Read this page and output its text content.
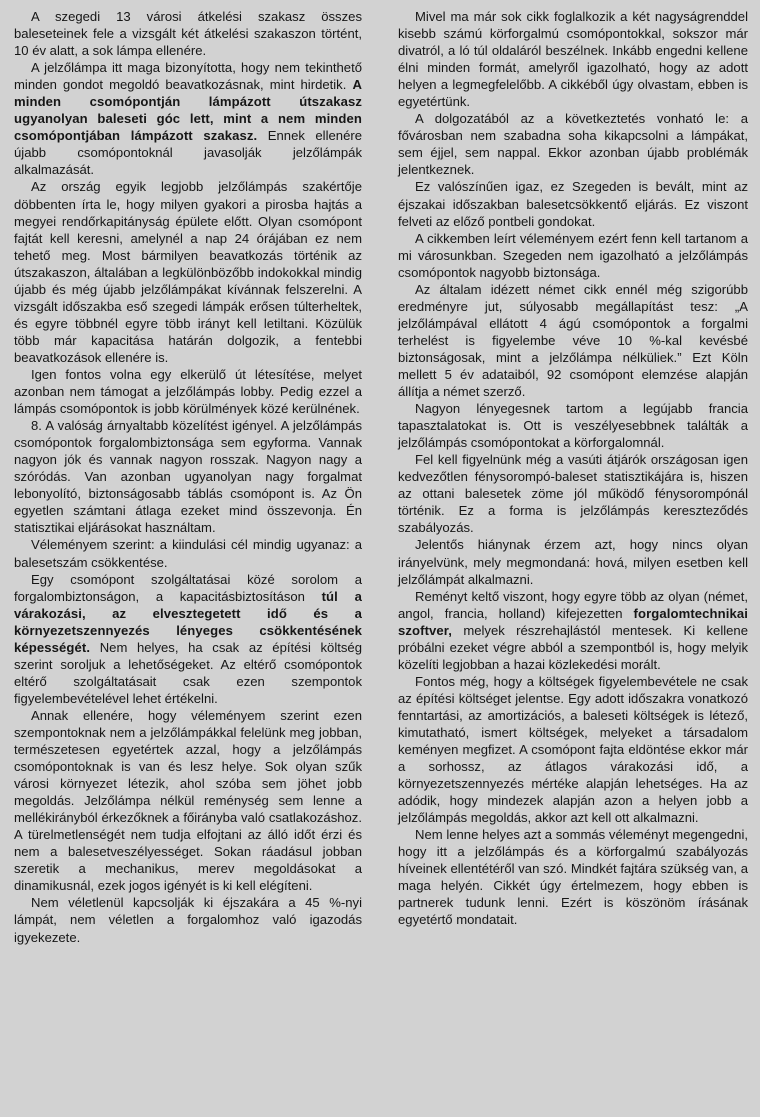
A szegedi 13 városi átkelési szakasz összes baleseteinek fele a vizsgált két átkelési szakaszon történt, 10 év alatt, a sok lámpa ellenére.

A jelzőlámpa itt maga bizonyította, hogy nem tekinthető minden gondot megoldó beavatkozásnak, mint hirdetik. A minden csomópontján lámpázott útszakasz ugyanolyan baleseti góc lett, mint a nem minden csomópontjában lámpázott szakasz. Ennek ellenére újabb csomópontoknál javasolják jelzőlámpák alkalmazását.

Az ország egyik legjobb jelzőlámpás szakértője döbbenten írta le, hogy milyen gyakori a pirosba hajtás a megyei rendőrkapitányság épülete előtt. Olyan csomópont fajtát kell keresni, amelynél a nap 24 órájában ez nem tehető meg. Most bármilyen beavatkozás történik az útszakaszon, általában a legkülönbözőbb indokokkal mindig újabb és még újabb jelzőlámpákat kívánnak felszerelni. A vizsgált időszakba eső szegedi lámpák erősen túlterheltek, és egyre többnél egyre több irányt kell letiltani. Közülük több már kapacitása határán dolgozik, a fentebbi beavatkozások ellenére is.

Igen fontos volna egy elkerülő út létesítése, melyet azonban nem támogat a jelzőlámpás lobby. Pedig ezzel a lámpás csomópontok is jobb körülmények közé kerülnének.

8. A valóság árnyaltabb közelítést igényel. A jelzőlámpás csomópontok forgalombiztonsága sem egyforma. Vannak nagyon jók és vannak nagyon rosszak. Nagyon nagy a szóródás. Van azonban ugyanolyan nagy forgalmat lebonyolító, biztonságosabb táblás csomópont is. Az Ön egyetlen számtani átlaga ezeket mind összevonja. Én statisztikai eljárásokat használtam.

Véleményem szerint: a kiindulási cél mindig ugyanaz: a balesetszám csökkentése.

Egy csomópont szolgáltatásai közé sorolom a forgalombiztonságon, a kapacitásbiztosításon túl a várakozási, az elvesztegetett idő és a környezetszennyezés lényeges csökkentésének képességét. Nem helyes, ha csak az építési költség szerint soroljuk a lehetőségeket. Az eltérő csomópontok eltérő szolgáltatásait csak ezen szempontok figyelembevételével lehet értékelni.

Annak ellenére, hogy véleményem szerint ezen szempontoknak nem a jelzőlámpákkal felelünk meg jobban, természetesen egyetértek azzal, hogy a jelzőlámpás csomópontoknak is van és lesz helye. Sok olyan szűk városi környezet létezik, ahol szóba sem jöhet jobb megoldás. Jelzőlámpa nélkül reménység sem lenne a mellékirányból érkezőknek a főirányba való csatlakozáshoz. A türelmetlenségét nem tudja elfojtani az álló időt érzi és nem a balesetveszélyességet. Sokan ráadásul jobban szeretik a mechanikus, merev megoldásokat a dinamikusnál, ezek jogos igényét is ki kell elégíteni.

Nem véletlenül kapcsolják ki éjszakára a 45 %-nyi lámpát, nem véletlen a forgalomhoz való igazodás igyekezete.

Mivel ma már sok cikk foglalkozik a két nagyságrenddel kisebb számú körforgalmú csomópontokkal, sokszor már divatról, a ló túl oldaláról beszélnek. Inkább engedni kellene élni minden formát, amelyről igazolható, hogy az adott helyen a legmegfelelőbb. A cikkéből úgy olvastam, ebben is egyetértünk.

A dolgozatából az a következtetés vonható le: a fővárosban nem szabadna soha kikapcsolni a lámpákat, sem éjjel, sem nappal. Ekkor azonban újabb problémák jelentkeznek.

Ez valószínűen igaz, ez Szegeden is bevált, mint az éjszakai időszakban balesetcsökkentő eljárás. Ez viszont felveti az előző pontbeli gondokat.

A cikkemben leírt véleményem ezért fenn kell tartanom a mi városunkban. Szegeden nem igazolható a jelzőlámpás csomópontok nagyobb biztonsága.

Az általam idézett német cikk ennél még szigorúbb eredményre jut, súlyosabb megállapítást tesz: „A jelzőlámpával ellátott 4 ágú csomópontok a forgalmi terhelést is figyelembe véve 10 %-kal kevésbé biztonságosak, mint a jelzőlámpa nélküliek.” Ezt Köln mellett 5 év adataiból, 92 csomópont elemzése alapján állítja a német szerző.

Nagyon lényegesnek tartom a legújabb francia tapasztalatokat is. Ott is veszélyesebbnek találták a jelzőlámpás csomópontokat a körforgalomnál.

Fel kell figyelnünk még a vasúti átjárók országosan igen kedvezőtlen fénysorompó-baleset statisztikájára is, hiszen az ottani balesetek zöme jól működő fénysorompónál történik. Ez a forma is jelzőlámpás kereszteződés szabályozás.

Jelentős hiánynak érzem azt, hogy nincs olyan irányelvünk, mely megmondaná: hová, milyen esetben kell jelzőlámpát alkalmazni.

Reményt keltő viszont, hogy egyre több az olyan (német, angol, francia, holland) kifejezetten forgalomtechnikai szoftver, melyek részrehajlástól mentesek. Ki kellene próbálni ezeket végre abból a szempontból is, hogy melyik közelíti legjobban a hazai közlekedési morált.

Fontos még, hogy a költségek figyelembevétele ne csak az építési költséget jelentse. Egy adott időszakra vonatkozó fenntartási, az amortizációs, a baleseti költségek is létező, kimutatható, ismert költségek, melyeket a társadalom keményen megfizet. A csomópont fajta eldöntése ekkor már a sorhossz, az átlagos várakozási idő, a környezetszennyezés mértéke alapján lehetséges. Ha az adódik, hogy mindezek alapján azon a helyen jobb a jelzőlámpás megoldás, akkor azt kell ott alkalmazni.

Nem lenne helyes azt a sommás véleményt megengedni, hogy itt a jelzőlámpás és a körforgalmú szabályozás híveinek ellentétéről van szó. Mindkét fajtára szükség van, a maga helyén. Cikkét úgy értelmezem, hogy ebben is partnerek tudunk lenni. Ezért is köszönöm írásának egyetértő mondatait.
